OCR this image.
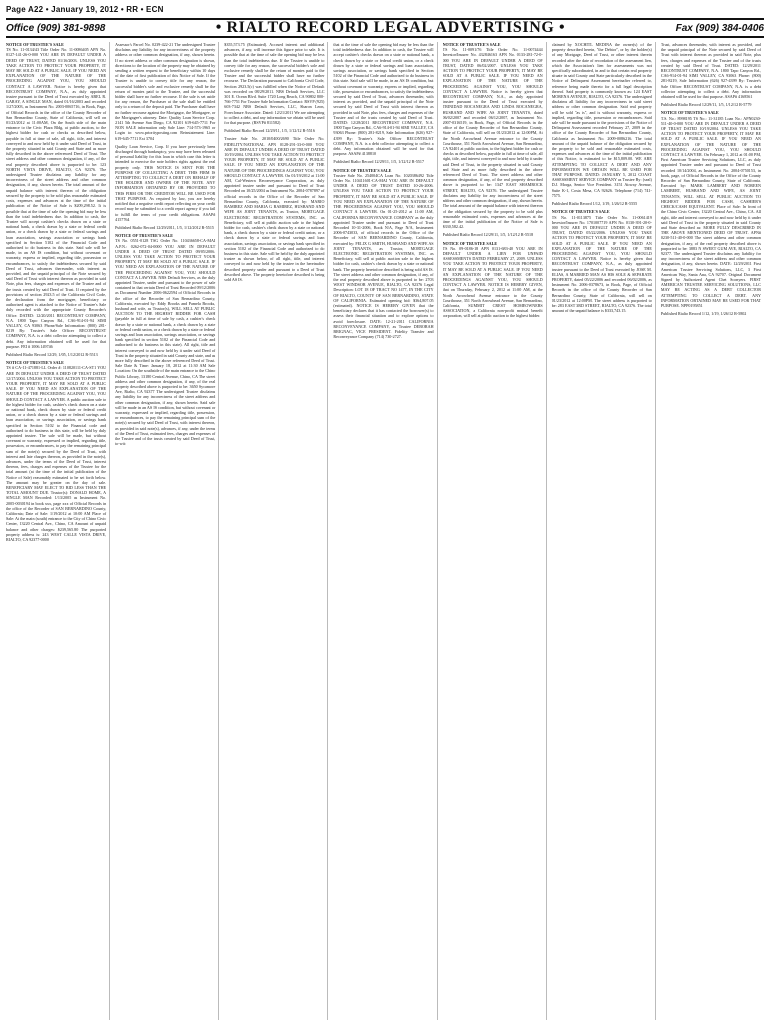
Page A22 • January 19, 2012 • RR • ECN
Office (909) 381-9898	• RIALTO RECORD LEGAL ADVERTISING •	Fax (909) 384-0406

NOTICE OF TRUSTEE'S SALE

TS No. 11-0134/43 Title Order No. 11-0086405 APN No. 0127-141-26-0-000 YOU ARE IN DEFAULT UNDER A DEED OF TRUST, DATED 01/16/2003. UNLESS YOU TAKE ACTION TO PROTECT YOUR PROPERTY, IT MAY BE SOLD AT A PUBLIC SALE. IF YOU NEED AN EXPLANATION OF THE NATURE OF THE PROCEEDING AGAINST YOU, YOU SHOULD CONTACT A LAWYER. Notice is hereby given that RECONTRUST COMPANY, N.A., as duly appointed trustee pursuant to the Deed of Trust executed by ABEL R. GARAY, A SINGLE MAN, dated 01/16/2003 and recorded 1/27/2003, as Instrument No. 2003-0065716, in Book, Page, of Official Records in the office of the County Recorder of San Bernardino County, State of California, will sell on 01/23/2012 at 11:00AM, On the South side of the main entrance to the Civic Plaza Bldg, at public auction, to the highest bidder for cash or checks as described below, payable in full at time of sale, all right, title, and interest conveyed to and now held by it under said Deed of Trust, in the property situated in said County and State and as more fully described in the above referenced Deed of Trust. The street address and other common designation, if any, of the real property described above is purported to be: 123 NORTH VISTA DRIVE, RIALTO, CA 92376. The undersigned Trustee disclaims any liability for any incorrectness of the street address and other common designation, if any, shown herein. The total amount of the unpaid balance with interest thereon of the obligation secured by the property to be sold plus reasonable estimated costs, expenses and advances at the time of the initial publication of the Notice of Sale is $209,298.52. It is possible that at the time of sale the opening bid may be less than the total indebtedness due. In addition to cash, the Trustee will accept cashier's checks drawn on a state or national bank, a check drawn by a state or federal credit union, or a check drawn by a state or federal savings and loan association, savings association or savings bank specified in Section 5102 of the Financial Code and authorized to do business in this state. Said sale will be made, in an AS IS condition, but without covenant or warranty, express or implied, regarding title, possession or encumbrances, to satisfy the indebtedness secured by said Deed of Trust, advances thereunder, with interest as provided, and the unpaid principal of the Note secured by said Deed of Trust with interest thereon as provided in said Note, plus fees, charges and expenses of the Trustee and of the trusts created by said Deed of Trust. If required by the provisions of section 2923.5 of the California Civil Code, the declaration from the mortgagee, beneficiary or authorized agent is attached to the Notice of Trustee's Sale duly recorded with the appropriate County Recorder's Office. DATED: 12/20/2011 RECONTRUST COMPANY, N.A. 1800 Tapo Canyon Rd., CA6-914-01-94 SIMI VALLEY, CA 93063 Phone/Sale Information: (800) 281-8219 By: Trustee's Sale Officer RECONTRUST COMPANY, N.A. is a debt collector attempting to collect a debt. Any information obtained will be used for that purpose. FEI # 1006.149746

Published Rialto Record 12/29, 1/05, 1/12/2012 R-5513

NOTICE OF TRUSTEE'S SALE

TS # CA-11-471881-LL Order #: 110820111-CA-ST1 YOU ARE IN DEFAULT UNDER A DEED OF TRUST DATED 12/17/2004. UNLESS YOU TAKE ACTION TO PROTECT YOUR PROPERTY, IT MAY BE SOLD AT A PUBLIC SALE. IF YOU NEED AN EXPLANATION OF THE NATURE OF THE PROCEEDING AGAINST YOU, YOU SHOULD CONTACT A LAWYER. A public auction sale to the highest bidder for cash, cashier's check drawn on a state or national bank, check drawn by state or federal credit union, or a check drawn by a state or federal savings and loan association, or savings association, or savings bank specified in Section 5102 to the Financial code and authorized to do business in this state, will be held by duly appointed trustee. The sale will be made, but without covenant or warranty, expressed or implied, regarding title, possession, or encumbrances, to pay the remaining principal sum of the note(s) secured by the Deed of Trust, with interest and late charges thereon, as provided in the note(s), advances, under the terms of the Deed of Trust, interest thereon, fees, charges and expenses of the Trustee for the total amount (at the time of the initial publication of the Notice of Sale) reasonably estimated to be set forth below. The amount may be greater on the day of sale. BENEFICIARY MAY ELECT TO BID LESS THAN THE TOTAL AMOUNT DUE. Trustor(s): DONALD HOME, A SINGLE MAN Recorded: 1/13/2005 as Instrument No. 2005-0030194 in book xxx, page xxx of Official Records in the office of the Recorder of SAN BERNARDINO County, California; Date of Sale: 1/19/2012 at 10:00 AM Place of Sale: At the main (south) entrance to the City of Chino Civic Center, 13220 Central Ave., Chino, CA Amount of unpaid balance and other charges: $239,565.80 The purported property address is: 243 WEST CALLE VISTA DRIVE, RIALTO, CA 92377-0000

Assessor's Parcel No. 0239-422-21 The undersigned Trustee disclaims any liability for any incorrectness of the property address or other common designation, if any, shown herein. If no street address or other common designation is shown, directions to the location of the property may be obtained by sending a written request to the beneficiary within 10 days of the date of first publication of this Notice of Sale. If the Trustee is unable to convey title for any reason, the successful bidder's sole and exclusive remedy shall be the return of monies paid to the Trustee, and the successful bidder shall have no further recourse. If the sale is set aside for any reason, the Purchaser at the sale shall be entitled only to a return of the deposit paid. The Purchaser shall have no further recourse against the Mortgagor, the Mortgagee, or the Mortgagee's attorney. Date: Quality Loan Service Corp. 2141 5th Avenue San Diego, CA 92101 619-645-7711 For NON SALE information only Sale Line: 714-573-1965 or Login to: www.priorityposting.com Reinstatement Line: 619-645-7711 Ext 3704

Quality Loan Service, Corp. If you have previously been discharged through bankruptcy, you may have been released of personal liability for this loan in which case this letter is intended to exercise the note holders rights against the real property only. THIS NOTICE IS SENT FOR THE PURPOSE OF COLLECTING A DEBT. THIS FIRM IS ATTEMPTING TO COLLECT A DEBT ON BEHALF OF THE HOLDER AND OWNER OF THE NOTE. ANY INFORMATION OBTAINED BY OR PROVIDED TO THIS FIRM OR THE CREDITOR WILL BE USED FOR THAT PURPOSE. As required by law, you are hereby notified that a negative credit report reflecting on your credit record may be submitted to a credit report agency if you fail to fulfill the terms of your credit obligations. ASAP# 4157764

Published Rialto Record 12/29/2011, 1/5, 1/12/2012 R-5515

NOTICE OF TRUSTEE'S SALE

TS No. 0551-0128 TSG Order No. 110436658-CA-MAI A.P.N.: 0262-072-04-0000 YOU ARE IN DEFAULT UNDER A DEED OF TRUST DATED 09/05/2006. UNLESS YOU TAKE ACTION TO PROTECT YOUR PROPERTY, IT MAY BE SOLD AT A PUBLIC SALE. IF YOU NEED AN EXPLANATION OF THE NATURE OF THE PROCEEDING AGAINST YOU, YOU SHOULD CONTACT A LAWYER. NBS Default Services, as the duly appointed Trustee, under and pursuant to the power of sale contained in that certain Deed of Trust Recorded 09/12/2006 as Document Number 2006-0622594 of Official Records in the office of the Recorder of San Bernardino County, California, executed by: Eddy Brooks and Pamela Brooks, husband and wife, as Trustor(s), WILL SELL AT PUBLIC AUCTION TO THE HIGHEST BIDDER FOR CASH (payable in full at time of sale by cash, a cashier's check drawn by a state or national bank, a check drawn by a state or federal credit union, or a check drawn by a state or federal savings and loan association, savings association, or savings bank specified in section 5102 of the Financial Code and authorized to do business in this state). All right, title and interest conveyed to and now held by it under said Deed of Trust in the property situated in said County and state, and as more fully described in the above referenced Deed of Trust. Sale Date & Time: January 18, 2012 at 11:30 AM Sale Location: On the southside of the main entrance to the Chino Public Library, 13180 Central Avenue, Chino, CA The street address and other common designation, if any, of the real property described above is purported to be: 3650 Sycamore Ave, Rialto, CA 92377 The undersigned Trustee disclaims any liability for any incorrectness of the street address and other common designation, if any, shown herein. Said sale will be made in an AS IS condition, but without covenant or warranty, expressed or implied, regarding title, possession, or encumbrances, to pay the remaining principal sum of the note(s) secured by said Deed of Trust, with interest thereon, as provided in said note(s), advances, if any, under the terms of the Deed of Trust, estimated fees, charges and expenses of the Trustee and of the trusts created by said Deed of Trust, to-wit:

$355,573.75 (Estimated). Accrued interest and additional advances, if any, will increase this figure prior to sale. It is possible that at the time of sale the opening bid may be less than the total indebtedness due. If the Trustee is unable to convey title for any reason, the successful bidder's sole and exclusive remedy shall be the return of monies paid to the Trustee and the successful bidder shall have no further recourse. The Declaration pursuant to California Civil Code, Section 2923.5(c) was fulfilled when the Notice of Default was recorded on 08/29/2011. NBS Default Services, LLC 301 E. Ocean Blvd. Suite 1720 Long Beach, CA 90802 800-766-7751 For Trustee Sale Information Contact: RSVP (925) 603-7342 NBS Default Services, LLC, Sharon Leon, Foreclosure Associate. Dated: 12/21/2011 We are attempting to collect a debt, and any information we obtain will be used for that purpose. (RSVP# 811582)

Published Rialto Record 12/29/11, 1/5, 1/12/12 R-5516

Trustee Sale No. 2010/0400/2690 Title Order No. FIDELITY/NATIONAL APN 0128-291-33-0-000 YOU ARE IN DEFAULT UNDER A DEED OF TRUST DATED 10/19/2004. UNLESS YOU TAKE ACTION TO PROTECT YOUR PROPERTY, IT MAY BE SOLD AT A PUBLIC SALE. IF YOU NEED AN EXPLANATION OF THE NATURE OF THE PROCEEDINGS AGAINST YOU, YOU SHOULD CONTACT A LAWYER. On 01/19/2012 at 11:00 AM, Cal-Western Reconveyance Corporation, as duly appointed trustee under and pursuant to Deed of Trust Recorded on 10/25/2004 as Instrument No. 2004-0787897 of official records in the Office of the Recorder of San Bernardino County, California, executed by: MARIO RAMIREZ AND MARIA G RAMIREZ, HUSBAND AND WIFE AS JOINT TENANTS, as Trustor, MORTGAGE ELECTRONIC REGISTRATION SYSTEMS, INC. as Beneficiary, will sell at public auction sale to the highest bidder for cash, cashier's check drawn by a state or national bank, a check drawn by a state or federal credit union, or a check drawn by a state or federal savings and loan association, savings association, or savings bank specified in section 5102 of the Financial Code and authorized to do business in this state. Sale will be held by the duly appointed trustee as shown below, of all right, title, and interest conveyed to and now held by the trustee in the hereinafter described property under and pursuant to a Deed of Trust described above. The property heretofore described is being sold AS IS.

that at the time of sale the opening bid may be less than the total indebtedness due. In addition to cash, the Trustee will accept cashier's checks drawn on a state or national bank, a check drawn by a state or federal credit union, or a check drawn by a state or federal savings and loan association, savings association, or savings bank specified in Section 5102 of the Financial Code and authorized to do business in this state. Said sale will be made, in an AS IS condition, but without covenant or warranty, express or implied, regarding title, possession or encumbrances, to satisfy the indebtedness secured by said Deed of Trust, advances thereunder, with interest as provided, and the unpaid principal of the Note secured by said Deed of Trust with interest thereon as provided in said Note, plus fees, charges and expenses of the Trustee and of the trusts created by said Deed of Trust. DATED: 12/28/2011 RECONTRUST COMPANY, N.A. 1800 Tapo Canyon Rd., CA6-914-01-94 SIMI VALLEY, CA 93063 Phone: (800) 281-8219, Sale Information (626) 927-4399 By: Trustee's Sale Officer RECONTRUST COMPANY, N.A. is a debt collector attempting to collect a debt. Any information obtained will be used for that purpose. ASAP# 4138810

Published Rialto Record 12/29/11, 1/5, 1/12/12 R-5517

NOTICE OF TRUSTEE'S SALE

Trustee Sale No. 254004CA Loan No. 1020386492 Title Order No. 110411601-CA-MAI YOU ARE IN DEFAULT UNDER A DEED OF TRUST DATED 10-26-2006. UNLESS YOU TAKE ACTION TO PROTECT YOUR PROPERTY, IT MAY BE SOLD AT A PUBLIC SALE. IF YOU NEED AN EXPLANATION OF THE NATURE OF THE PROCEEDINGS AGAINST YOU, YOU SHOULD CONTACT A LAWYER. On 01-25-2012 at 11:00 AM, CALIFORNIA RECONVEYANCE COMPANY as the duly appointed Trustee under and pursuant to Deed of Trust Recorded 10-31-2006, Book N/A, Page N/A, Instrument 2006-0743033, of official records in the Office of the Recorder of SAN BERNARDINO County, California, executed by: FELIX G SMITH, HUSBAND AND WIFE AS JOINT TENANTS, as Trustor, MORTGAGE ELECTRONIC REGISTRATION SYSTEMS, INC. as Beneficiary, will sell at public auction sale to the highest bidder for cash, cashier's check drawn by a state or national bank. The property heretofore described is being sold AS IS. The street address and other common designation, if any, of the real property described above is purported to be: 2703 WEST WINDSOR AVENUE, RIALTO, CA 92376 Legal Description: LOT 18 OF TRACT NO 1477, IN THE CITY OF RIALTO, COUNTY OF SAN BERNARDINO, STATE OF CALIFORNIA. Estimated opening bid: $364,807.05 (estimated). NOTICE IS HEREBY GIVEN that the beneficiary declares that it has contacted the borrower(s) to assess their financial situation and to explore options to avoid foreclosure. DATE: 12-21-2011 CALIFORNIA RECONVEYANCE COMPANY, as Trustee DEBORAH BRIGNAC, VICE PRESIDENT. Fidelity Transfer and Reconveyance Company (714) 730-2727.

NOTICE OF TRUSTEE'S SALE

TS No. 11-0091/76 Title Order No. 11-0074444 Investor/Insurer No. 432846163 APN No. 0133-281-72-0-000 YOU ARE IN DEFAULT UNDER A DEED OF TRUST, DATED 06/02/2007. UNLESS YOU TAKE ACTION TO PROTECT YOUR PROPERTY, IT MAY BE SOLD AT A PUBLIC SALE. IF YOU NEED AN EXPLANATION OF THE NATURE OF THE PROCEEDING AGAINST YOU, YOU SHOULD CONTACT A LAWYER. Notice is hereby given that RECONTRUST COMPANY, N.A., as duly appointed trustee pursuant to the Deed of Trust executed by TRINIDAD BOCANEGRA AND LINDA BOCANEGRA, HUSBAND AND WIFE AS JOINT TENANTS, dated 06/02/2007 and recorded 06/12/2007, as Instrument No. 2007-0316519, in Book, Page, of Official Records in the office of the County Recorder of San Bernardino County, State of California, will sell on 01/23/2012 at 12:00PM, At the North Arrowhead Avenue entrance to the County Courthouse, 351 North Arrowhead Avenue, San Bernardino, CA 92401 at public auction, to the highest bidder for cash or checks as described below, payable in full at time of sale, all right, title, and interest conveyed to and now held by it under said Deed of Trust, in the property situated in said County and State and as more fully described in the above referenced Deed of Trust. The street address and other common designation, if any, of the real property described above is purported to be: 1347 EAST SHAMROCK STREET, RIALTO, CA 92376. The undersigned Trustee disclaims any liability for any incorrectness of the street address and other common designation, if any, shown herein. The total amount of the unpaid balance with interest thereon of the obligation secured by the property to be sold plus reasonable estimated costs, expenses and advances at the time of the initial publication of the Notice of Sale is $330,582.42.

Published Rialto Record 12/29/11, 1/5, 1/12/12 R-5518

NOTICE OF TRUSTEE SALE

TS No. 09-0186-18 APN 0131-683-40 YOU ARE IN DEFAULT UNDER A LIEN FOR UNPAID ASSESSMENTS DATED FEBRUARY 27, 2009. UNLESS YOU TAKE ACTION TO PROTECT YOUR PROPERTY, IT MAY BE SOLD AT A PUBLIC SALE. IF YOU NEED AN EXPLANATION OF THE NATURE OF THE PROCEEDINGS AGAINST YOU, YOU SHOULD CONTACT A LAWYER. NOTICE IS HEREBY GIVEN, that on Thursday, February 2, 2012 at 11:00 AM, at the North Arrowhead Avenue entrance to the County Courthouse, 351 North Arrowhead Avenue, San Bernardino, California, SUMMIT CREST HOMEOWNERS ASSOCIATION, a California non-profit mutual benefit corporation, will sell at public auction to the highest bidder.

claimed by XOCHITL MEDINA the owner(s) of the property described herein, "the Debtor", or by the holder(s) of any Mortgage, Deed of Trust, or other interest therein recorded after the date of recordation of the assessment lien, which the Association's lien for assessments was not specifically subordinated, in and to that certain real property situate in said County and State particularly described in the Notice of Delinquent Assessment hereinafter referred to, reference being made thereto for a full legal description thereof. Said property is commonly known as: 124 EAST MORENA AVENUE, RIALTO, CA 92376. The undersigned disclaims all liability for any incorrectness in said street address or other common designation. Said real property will be sold "as is", and is without warranty, express or implied, regarding title, possession or encumbrances. Said sale will be made pursuant to the provisions of the Notice of Delinquent Assessment recorded February 27, 2009 in the office of the County Recorder of San Bernardino County, California as Instrument No. 2009-0086216. The total amount of the unpaid balance of the obligation secured by the property to be sold and reasonable estimated costs, expenses and advances at the time of the initial publication of this Notice, is estimated to be $15,809.00. WE ARE ATTEMPTING TO COLLECT A DEBT AND ANY INFORMATION WE OBTAIN WILL BE USED FOR THAT PURPOSE. DATED: JANUARY 5, 2012 COAST ASSESSMENT SERVICE COMPANY as Trustee By: (seal) D.J. Morga, Senior Vice President. 3151 Airway Avenue, Suite K-1, Costa Mesa, CA 92626. Telephone (714) 741-7575.

Published Rialto Record 1/12, 1/19, 1/26/12 R-5555

NOTICE OF TRUSTEE'S SALE

TS No. 11-0113875 Title Order No. 11-0061419 Investor/Insurer No. 1701007719 APN No. 0130-391-20-0-000 YOU ARE IN DEFAULT UNDER A DEED OF TRUST, DATED 05/22/2006. UNLESS YOU TAKE ACTION TO PROTECT YOUR PROPERTY, IT MAY BE SOLD AT A PUBLIC SALE. IF YOU NEED AN EXPLANATION OF THE NATURE OF THE PROCEEDING AGAINST YOU, YOU SHOULD CONTACT A LAWYER. Notice is hereby given that RECONTRUST COMPANY, N.A., as duly appointed trustee pursuant to the Deed of Trust executed by JOSE M. ELIAS, A MARRIED MAN AS HIS SOLE & SEPARATE PROPERTY, dated 05/22/2006 and recorded 06/02/2006, as Instrument No. 2006-0378673, in Book, Page, of Official Records in the office of the County Recorder of San Bernardino County, State of California, will sell on 01/23/2012 at 12:00PM. The street address is purported to be: 283 EAST 3RD STREET, RIALTO, CA 92376. The total amount of the unpaid balance is $333,743.15.

Trust, advances thereunder, with interest as provided, and the unpaid principal of the Note secured by said Deed of Trust with interest thereon as provided in said Note, plus fees, charges and expenses of the Trustee and of the trusts created by said Deed of Trust. DATED: 12/29/2011 RECONTRUST COMPANY, N.A. 1800 Tapo Canyon Rd., CA6-914-01-94 SIMI VALLEY, CA 93063 Phone: (800) 281-8219, Sale Information (626) 927-4399 By: Trustee's Sale Officer RECONTRUST COMPANY, N.A. is a debt collector attempting to collect a debt. Any information obtained will be used for that purpose. ASAP# 4168561

Published Rialto Record 12/29/11, 1/5, 1/12/12 R-5779

NOTICE OF TRUSTEE'S SALE

T.S. No.: 8998195 TS No.: 11-31185 Loan No.: APN0230-511-40-0-000 YOU ARE IN DEFAULT UNDER A DEED OF TRUST DATED 10/19/2004. UNLESS YOU TAKE ACTION TO PROTECT YOUR PROPERTY, IT MAY BE SOLD AT A PUBLIC SALE. IF YOU NEED AN EXPLANATION OF THE NATURE OF THE PROCEEDING AGAINST YOU, YOU SHOULD CONTACT A LAWYER. On February 1, 2012 at 01:00 PM, First American Trustee Servicing Solutions, LLC, as duly appointed Trustee under and pursuant to Deed of Trust recorded 10/14/2004, as Instrument No. 2004-0750153, in book, page, of Official Records in the Office of the County Recorder of San Bernardino County, State of California. Executed by: MARK LAMBERT AND NOREEN LAMBERT, HUSBAND AND WIFE, AS JOINT TENANTS, WILL SELL AT PUBLIC AUCTION TO HIGHEST BIDDER FOR CASH, CASHIER'S CHECK/CASH EQUIVALENT. Place of Sale: In front of the Chino Civic Center, 13220 Central Ave., Chino, CA. All right, title and interest conveyed to and now held by it under said Deed of Trust in the property situated in said County and State described as: MORE FULLY DESCRIBED IN THE ABOVE MENTIONED DEED OF TRUST. APN# 0230-511-40-0-000 The street address and other common designation, if any, of the real property described above is purported to be: 3883 N SWEET GUM AVE, RIALTO, CA 92377. The undersigned Trustee disclaims any liability for any incorrectness of the street address and other common designation, if any, shown herein. DATE: 12/29/2011 First American Trustee Servicing Solutions, LLC, 3 First American Way, Santa Ana, CA 92707. Original Document Signed by Authorized Agent Chet Sconyers. FIRST AMERICAN TRUSTEE SERVICING SOLUTIONS, LLC MAY BE ACTING AS A DEBT COLLECTOR ATTEMPTING TO COLLECT A DEBT. ANY INFORMATION OBTAINED MAY BE USED FOR THAT PURPOSE. NPP0195851

Published Rialto Record 1/12, 1/19, 1/26/12 R-5802
